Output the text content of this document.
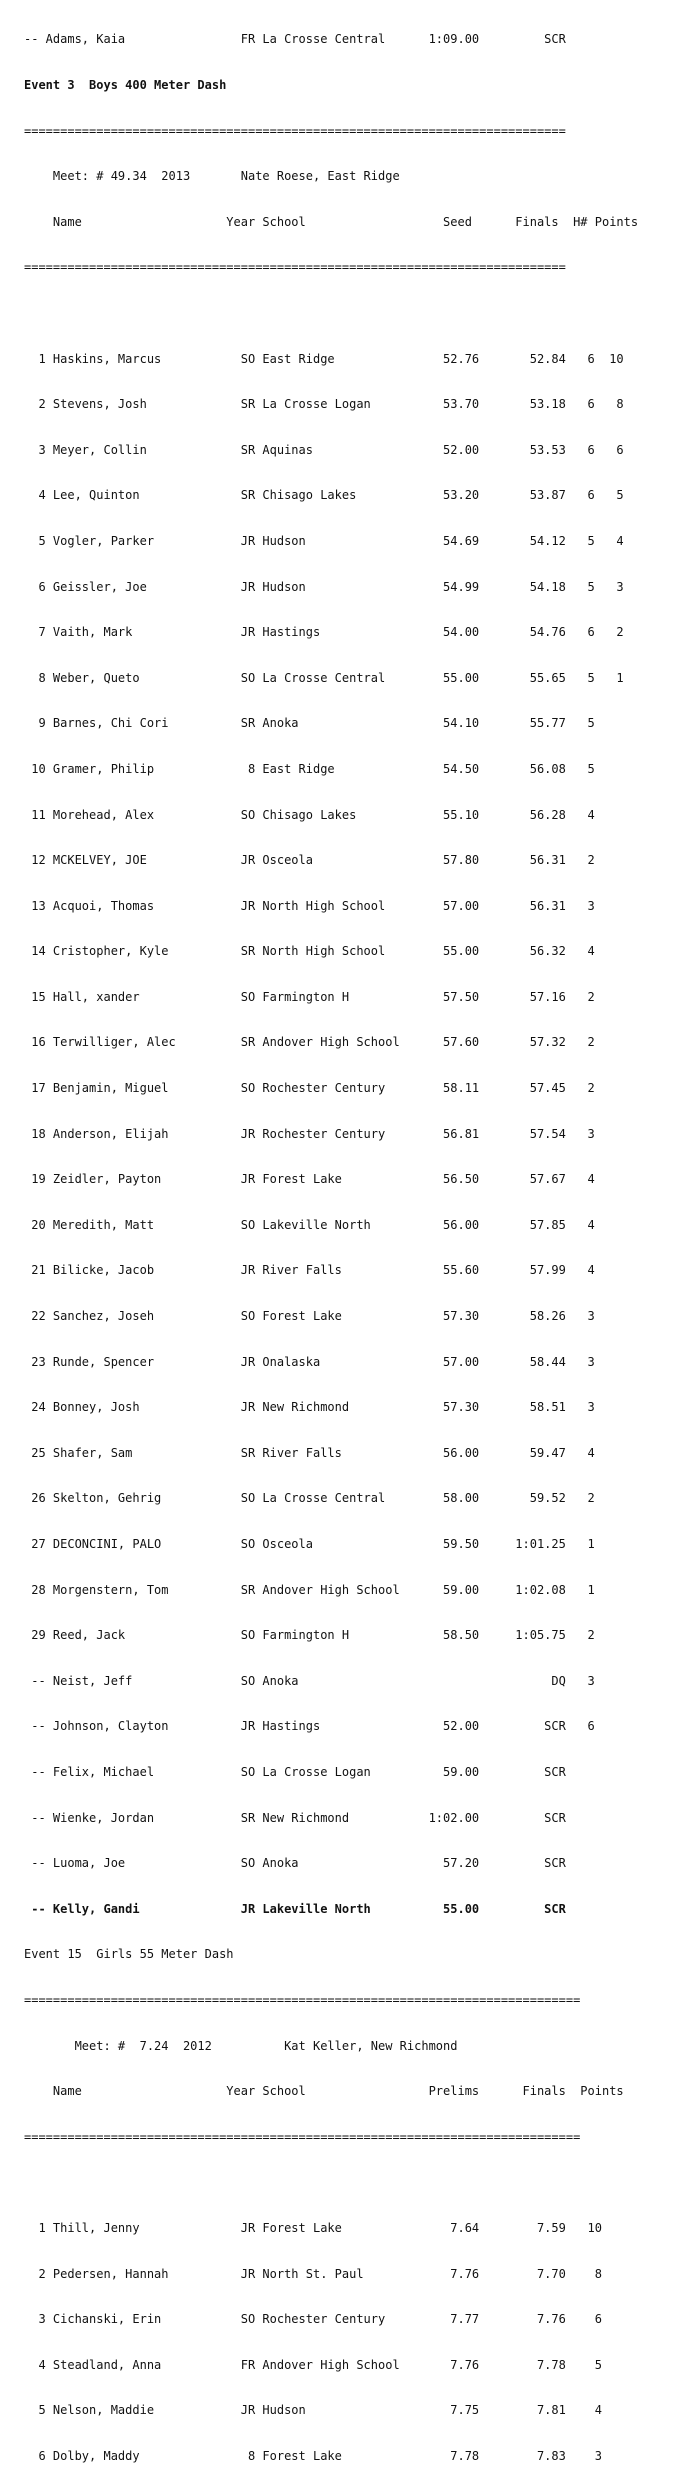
-- Adams, Kaia                FR La Crosse Central      1:09.00         SCR

Event 3  Boys 400 Meter Dash

===========================================================================

Meet: # 49.34  2013       Nate Roese, East Ridge

Name                    Year School                   Seed      Finals  H# Points

===========================================================================

1 Haskins, Marcus           SO East Ridge               52.76       52.84   6  10

2 Stevens, Josh             SR La Crosse Logan          53.70       53.18   6   8

3 Meyer, Collin             SR Aquinas                  52.00       53.53   6   6

4 Lee, Quinton              SR Chisago Lakes            53.20       53.87   6   5

5 Vogler, Parker            JR Hudson                   54.69       54.12   5   4

6 Geissler, Joe             JR Hudson                   54.99       54.18   5   3

7 Vaith, Mark               JR Hastings                 54.00       54.76   6   2

8 Weber, Queto              SO La Crosse Central        55.00       55.65   5   1

9 Barnes, Chi Cori          SR Anoka                    54.10       55.77   5

10 Gramer, Philip             8 East Ridge               54.50       56.08   5

11 Morehead, Alex            SO Chisago Lakes            55.10       56.28   4

12 MCKELVEY, JOE             JR Osceola                  57.80       56.31   2

13 Acquoi, Thomas            JR North High School        57.00       56.31   3

14 Cristopher, Kyle          SR North High School        55.00       56.32   4

15 Hall, xander              SO Farmington H             57.50       57.16   2

16 Terwilliger, Alec         SR Andover High School      57.60       57.32   2

17 Benjamin, Miguel          SO Rochester Century        58.11       57.45   2

18 Anderson, Elijah          JR Rochester Century        56.81       57.54   3

19 Zeidler, Payton           JR Forest Lake              56.50       57.67   4

20 Meredith, Matt            SO Lakeville North          56.00       57.85   4

21 Bilicke, Jacob            JR River Falls              55.60       57.99   4

22 Sanchez, Joseh            SO Forest Lake              57.30       58.26   3

23 Runde, Spencer            JR Onalaska                 57.00       58.44   3

24 Bonney, Josh              JR New Richmond             57.30       58.51   3

25 Shafer, Sam               SR River Falls              56.00       59.47   4

26 Skelton, Gehrig           SO La Crosse Central        58.00       59.52   2

27 DECONCINI, PALO           SO Osceola                  59.50     1:01.25   1

28 Morgenstern, Tom          SR Andover High School      59.00     1:02.08   1

29 Reed, Jack                SO Farmington H             58.50     1:05.75   2

-- Neist, Jeff               SO Anoka                                   DQ   3

-- Johnson, Clayton          JR Hastings                 52.00         SCR   6

-- Felix, Michael            SO La Crosse Logan          59.00         SCR

-- Wienke, Jordan            SR New Richmond           1:02.00         SCR

-- Luoma, Joe                SO Anoka                    57.20         SCR

-- Kelly, Gandi              JR Lakeville North          55.00         SCR

Event 15  Girls 55 Meter Dash

=============================================================================

Meet: #  7.24  2012          Kat Keller, New Richmond

Name                    Year School                 Prelims      Finals  Points

=============================================================================

1 Thill, Jenny              JR Forest Lake               7.64        7.59   10

2 Pedersen, Hannah          JR North St. Paul            7.76        7.70    8

3 Cichanski, Erin           SO Rochester Century         7.77        7.76    6

4 Steadland, Anna           FR Andover High School       7.76        7.78    5

5 Nelson, Maddie            JR Hudson                    7.75        7.81    4

6 Dolby, Maddy               8 Forest Lake               7.78        7.83    3
